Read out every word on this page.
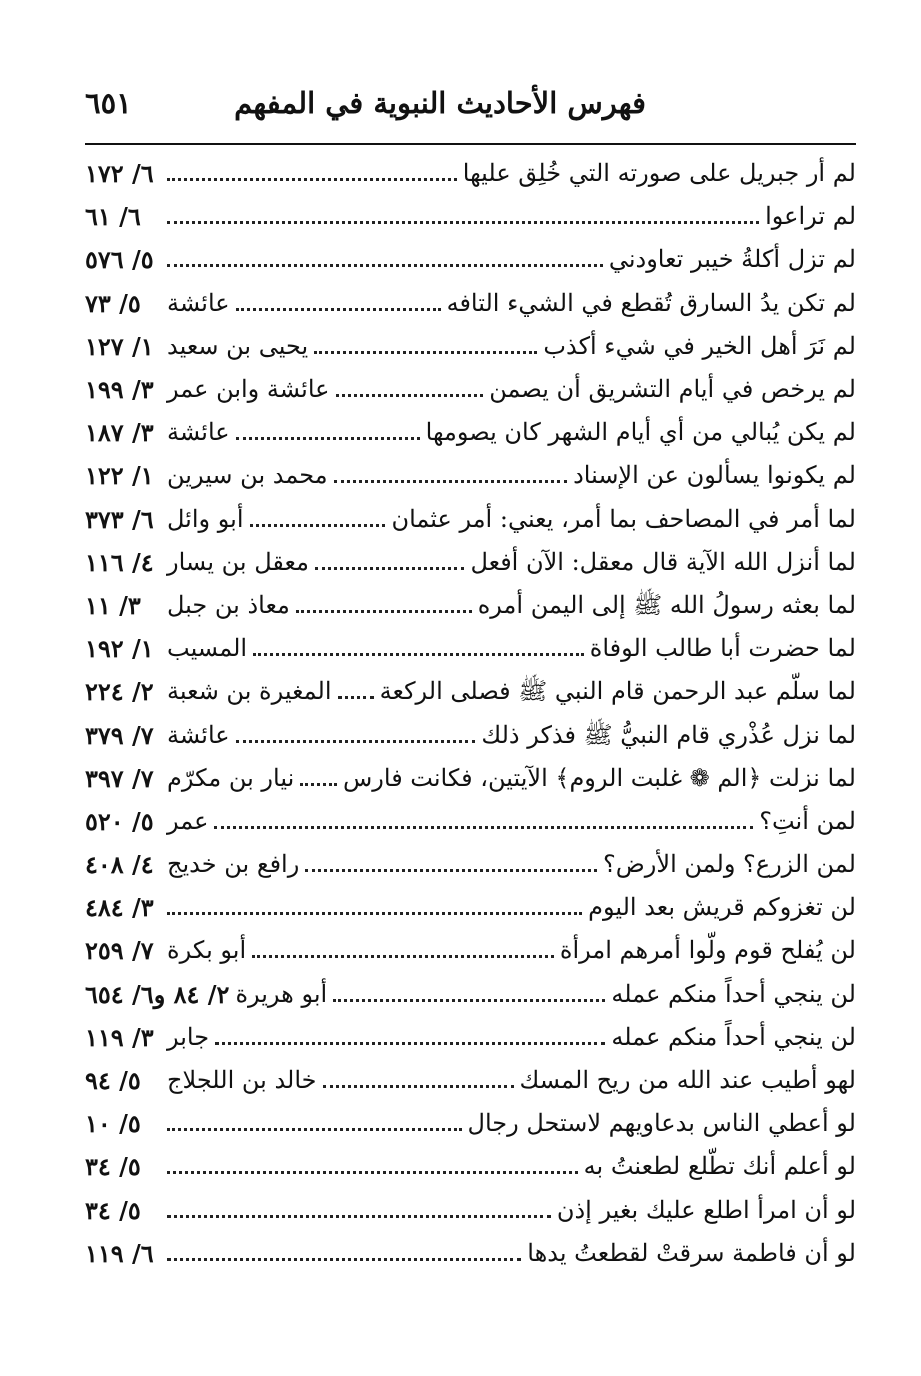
فهرس الأحاديث النبوية في المفهم
٦٥١
لم أر جبريل على صورته التي خُلِق عليها
٦/ ١٧٢
لم تراعوا
٦/ ٦١
لم تزل أكلةُ خيبر تعاودني
٥/ ٥٧٦
لم تكن يدُ السارق تُقطع في الشيء التافه
عائشة
٥/ ٧٣
لم نَرَ أهل الخير في شيء أكذب
يحيى بن سعيد
١/ ١٢٧
لم يرخص في أيام التشريق أن يصمن
عائشة وابن عمر
٣/ ١٩٩
لم يكن يُبالي من أي أيام الشهر كان يصومها
عائشة
٣/ ١٨٧
لم يكونوا يسألون عن الإسناد
محمد بن سيرين
١/ ١٢٢
لما أمر في المصاحف بما أمر، يعني: أمر عثمان
أبو وائل
٦/ ٣٧٣
لما أنزل الله الآية قال معقل: الآن أفعل
معقل بن يسار
٤/ ١١٦
لما بعثه رسولُ الله ﷺ إلى اليمن أمره
معاذ بن جبل
٣/ ١١
لما حضرت أبا طالب الوفاة
المسيب
١/ ١٩٢
لما سلّم عبد الرحمن قام النبي ﷺ فصلى الركعة
المغيرة بن شعبة
٢/ ٢٢٤
لما نزل عُذْري قام النبيُّ ﷺ فذكر ذلك
عائشة
٧/ ٣٧٩
لما نزلت ﴿الم ❁ غلبت الروم﴾ الآيتين، فكانت فارس
نيار بن مكرّم
٧/ ٣٩٧
لمن أنتِ؟
عمر
٥/ ٥٢٠
لمن الزرع؟ ولمن الأرض؟
رافع بن خديج
٤/ ٤٠٨
لن تغزوكم قريش بعد اليوم
٣/ ٤٨٤
لن يُفلح قوم ولّوا أمرهم امرأة
أبو بكرة
٧/ ٢٥٩
لن ينجي أحداً منكم عمله
أبو هريرة
٢/ ٨٤ و٦/ ٦٥٤
لن ينجي أحداً منكم عمله
جابر
٣/ ١١٩
لهو أطيب عند الله من ريح المسك
خالد بن اللجلاج
٥/ ٩٤
لو أعطي الناس بدعاويهم لاستحل رجال
٥/ ١٠
لو أعلم أنك تطّلع لطعنتُ به
٥/ ٣٤
لو أن امرأ اطلع عليك بغير إذن
٥/ ٣٤
لو أن فاطمة سرقتْ لقطعتُ يدها
٦/ ١١٩
